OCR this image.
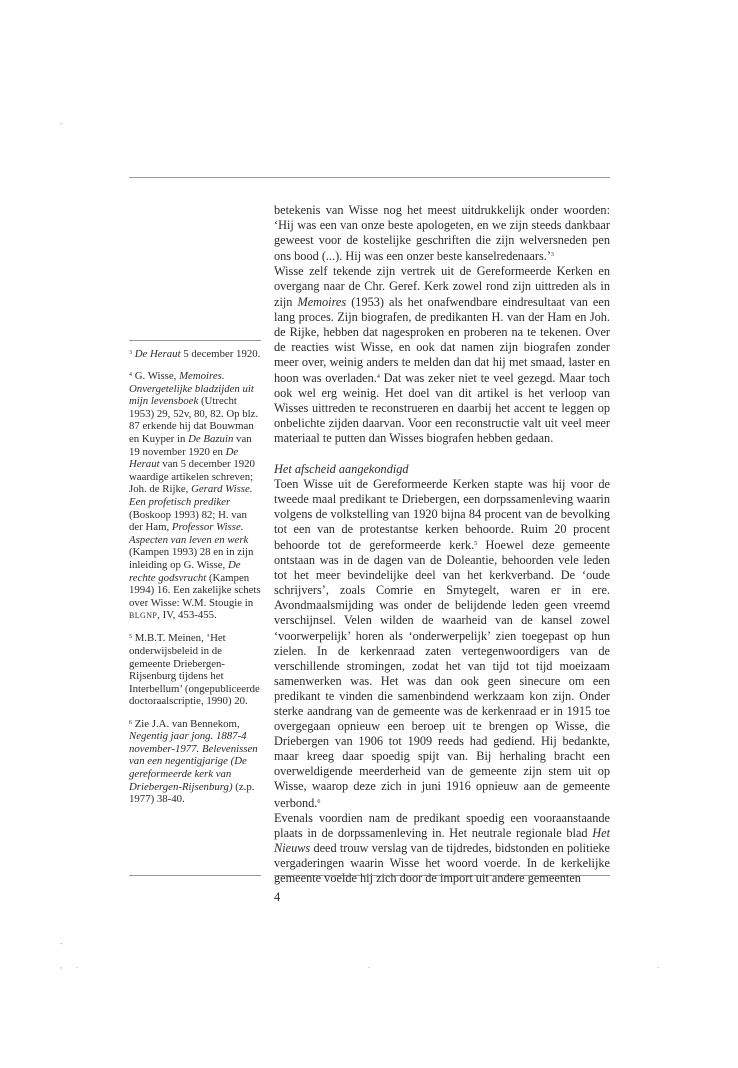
$^3$ De Heraut 5 december 1920.

$^4$ G. Wisse, Memoires. Onvergetelijke bladzijden uit mijn levensboek (Utrecht 1953) 29, 52v, 80, 82. Op blz. 87 erkende hij dat Bouwman en Kuyper in De Bazuin van 19 november 1920 en De Heraut van 5 december 1920 waardige artikelen schreven; Joh. de Rijke, Gerard Wisse. Een profetisch prediker (Boskoop 1993) 82; H. van der Ham, Professor Wisse. Aspecten van leven en werk (Kampen 1993) 28 en in zijn inleiding op G. Wisse, De rechte godsvrucht (Kampen 1994) 16. Een zakelijke schets over Wisse: W.M. Stougie in BLGNP, IV, 453-455.

$^5$ M.B.T. Meinen, ‘Het onderwijsbeleid in de gemeente Driebergen-Rijsenburg tijdens het Interbellum’ (ongepubliceerde doctoraalscriptie, 1990) 20.

$^6$ Zie J.A. van Bennekom, Negentig jaar jong. 1887-4 november-1977. Belevenissen van een negentigjarige (De gereformeerde kerk van Driebergen-Rijsenburg) (z.p. 1977) 38-40.

betekenis van Wisse nog het meest uitdrukkelijk onder woorden: ‘Hij was een van onze beste apologeten, en we zijn steeds dankbaar geweest voor de kostelijke geschriften die zijn welversneden pen ons bood (...). Hij was een onzer beste kanselredenaars.’$^3$

Wisse zelf tekende zijn vertrek uit de Gereformeerde Kerken en overgang naar de Chr. Geref. Kerk zowel rond zijn uittreden als in zijn Memoires (1953) als het onafwendbare eindresultaat van een lang proces. Zijn biografen, de predikanten H. van der Ham en Joh. de Rijke, hebben dat nagesproken en proberen na te tekenen. Over de reacties wist Wisse, en ook dat namen zijn biografen zonder meer over, weinig anders te melden dan dat hij met smaad, laster en hoon was overladen.$^4$ Dat was zeker niet te veel gezegd. Maar toch ook wel erg weinig. Het doel van dit artikel is het verloop van Wisses uittreden te reconstrueren en daarbij het accent te leggen op onbelichte zijden daarvan. Voor een reconstructie valt uit veel meer materiaal te putten dan Wisses biografen hebben gedaan.

Het afscheid aangekondigd

Toen Wisse uit de Gereformeerde Kerken stapte was hij voor de tweede maal predikant te Driebergen, een dorpssamenleving waarin volgens de volkstelling van 1920 bijna 84 procent van de bevolking tot een van de protestantse kerken behoorde. Ruim 20 procent behoorde tot de gereformeerde kerk.$^5$ Hoewel deze gemeente ontstaan was in de dagen van de Doleantie, behoorden vele leden tot het meer bevindelijke deel van het kerkverband. De ‘oude schrijvers’, zoals Comrie en Smytegelt, waren er in ere. Avondmaalsmijding was onder de belijdende leden geen vreemd verschijnsel. Velen wilden de waarheid van de kansel zowel ‘voorwerpelijk’ horen als ‘onderwerpelijk’ zien toegepast op hun zielen. In de kerkenraad zaten vertegenwoordigers van de verschillende stromingen, zodat het van tijd tot tijd moeizaam samenwerken was. Het was dan ook geen sinecure om een predikant te vinden die samenbindend werkzaam kon zijn. Onder sterke aandrang van de gemeente was de kerkenraad er in 1915 toe overgegaan opnieuw een beroep uit te brengen op Wisse, die Driebergen van 1906 tot 1909 reeds had gediend. Hij bedankte, maar kreeg daar spoedig spijt van. Bij herhaling bracht een overweldigende meerderheid van de gemeente zijn stem uit op Wisse, waarop deze zich in juni 1916 opnieuw aan de gemeente verbond.$^6$

Evenals voordien nam de predikant spoedig een vooraanstaande plaats in de dorpssamenleving in. Het neutrale regionale blad Het Nieuws deed trouw verslag van de tijdredes, bidstonden en politieke vergaderingen waarin Wisse het woord voerde. In de kerkelijke gemeente voelde hij zich door de import uit andere gemeenten

4
-
-
, .	.	.
